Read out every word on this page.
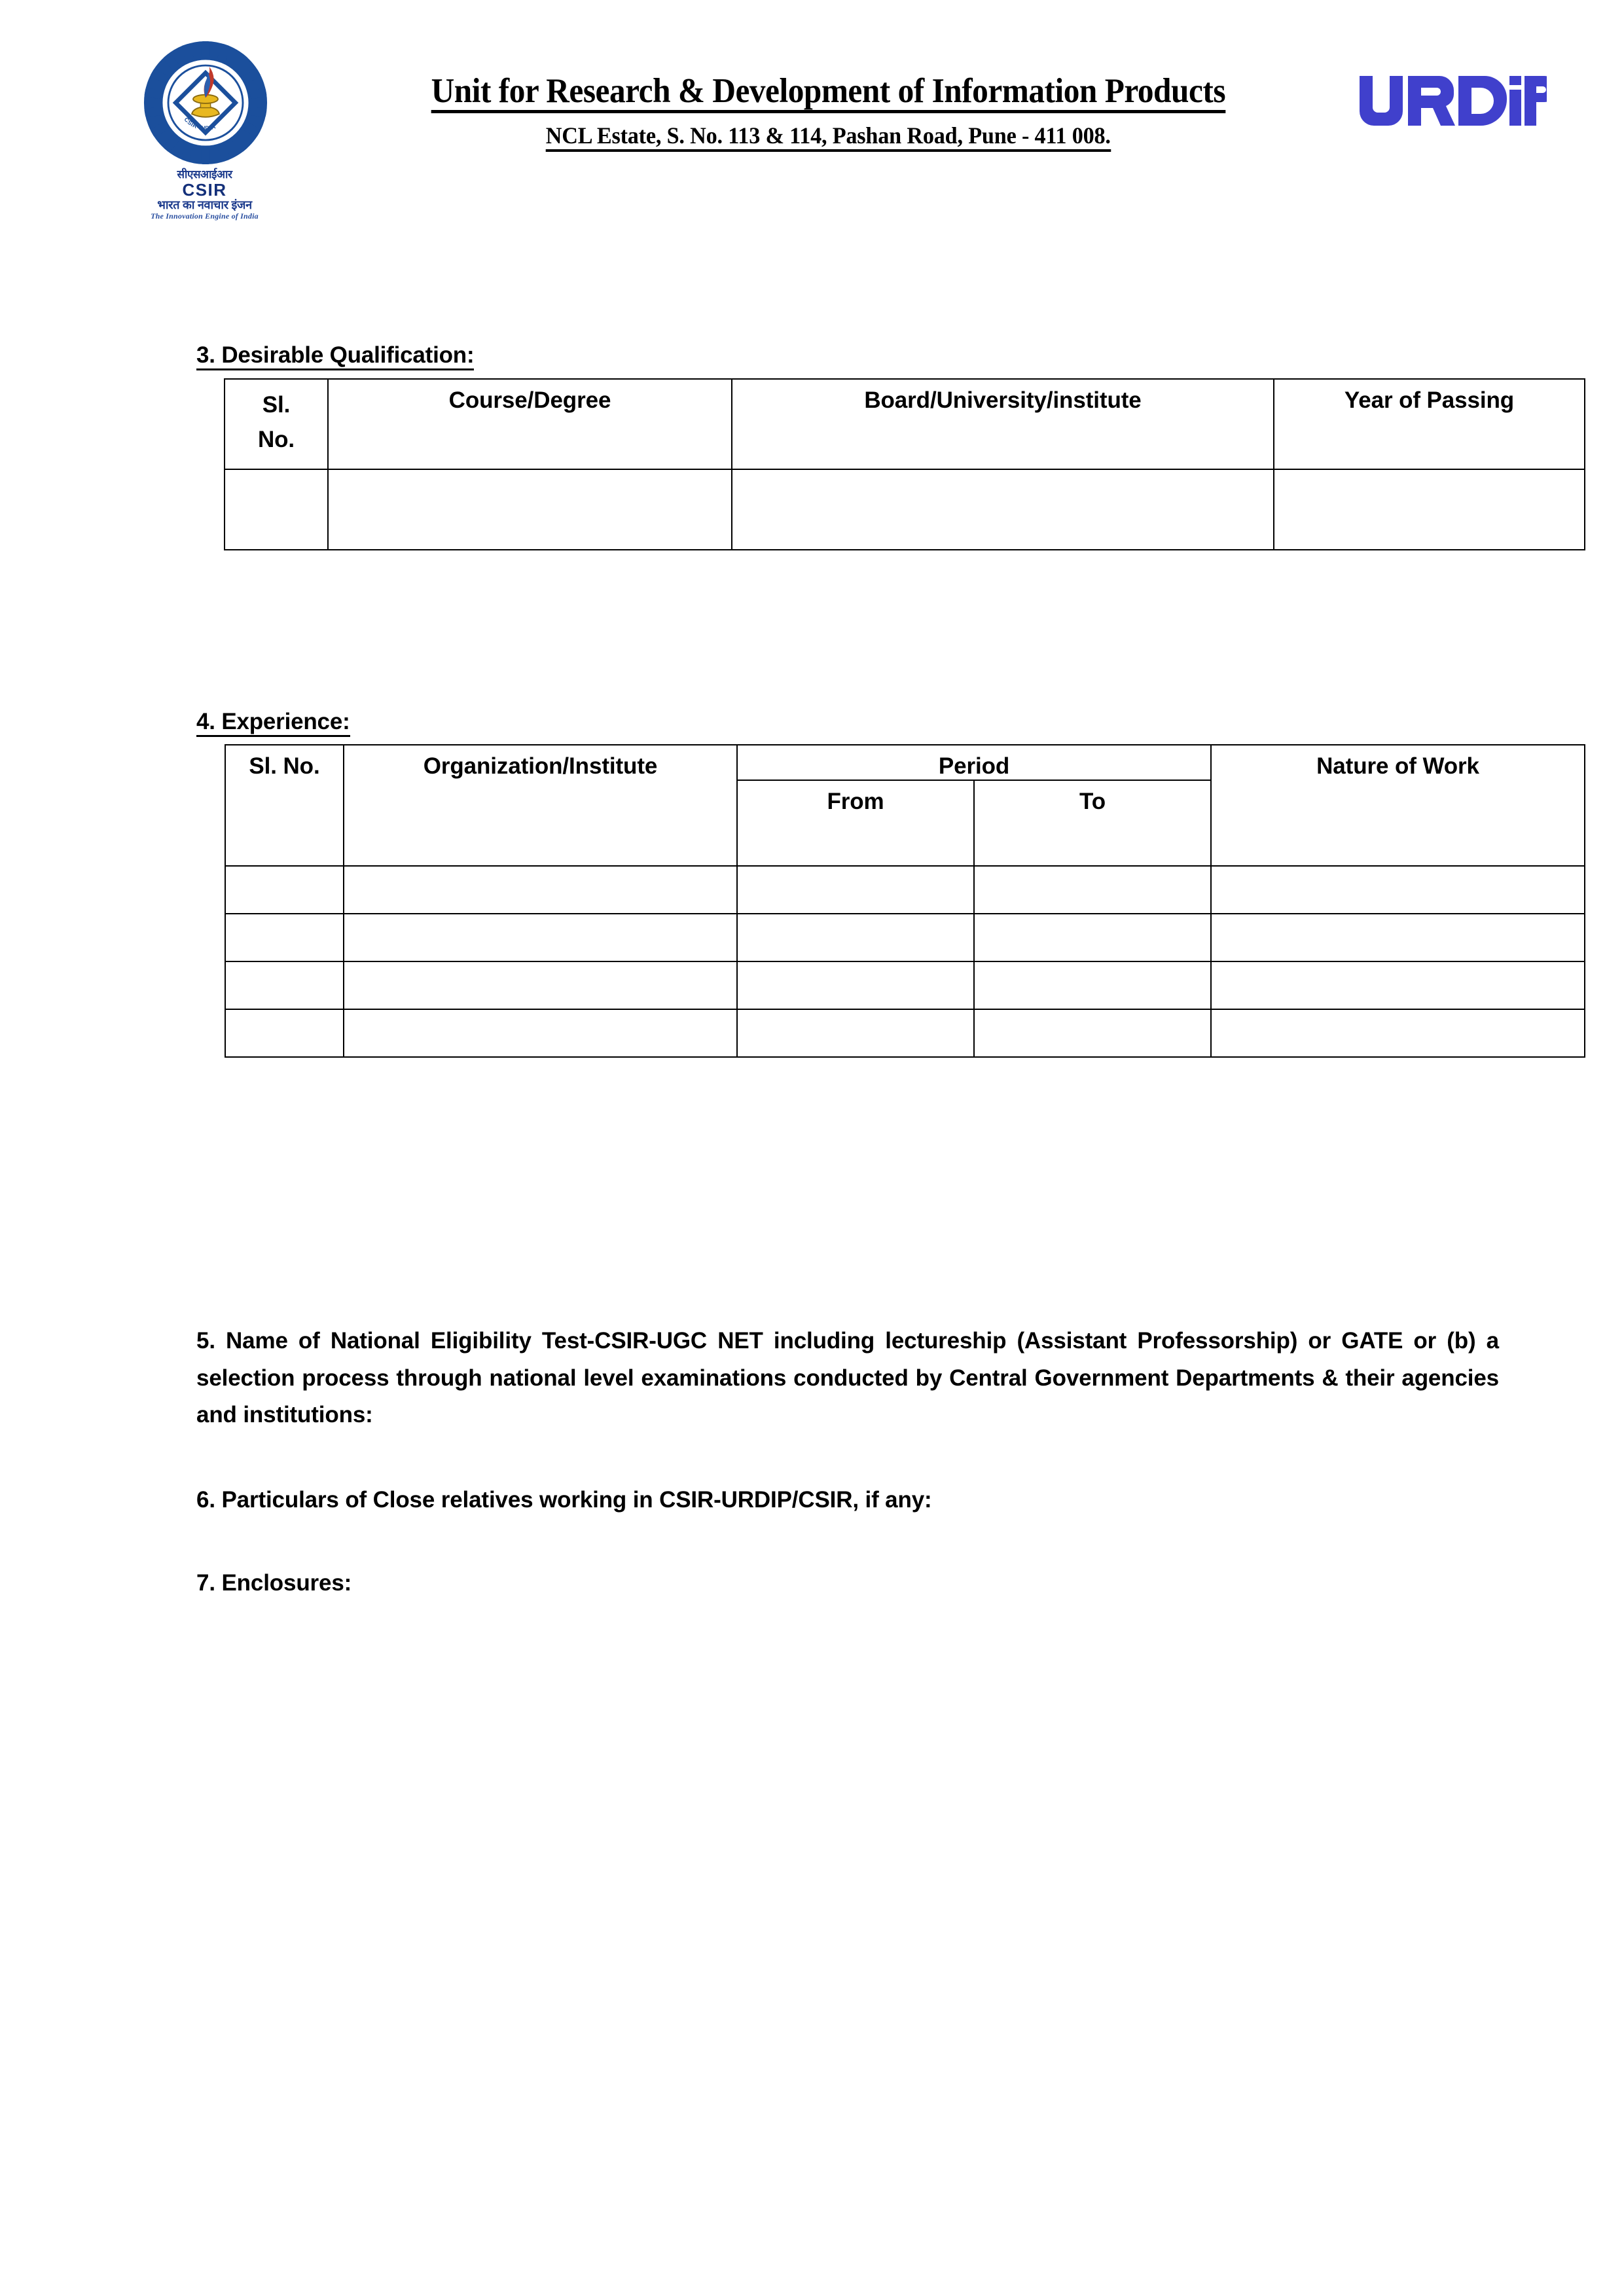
CSIR-INDIA
सीएसआईआर
CSIR
भारत का नवाचार इंजन
The Innovation Engine of India
Unit for Research & Development of Information Products
NCL Estate, S. No. 113 & 114, Pashan Road, Pune - 411 008.
3. Desirable Qualification:
Sl.
No.	Course/Degree	Board/University/institute	Year of Passing

4. Experience:
Sl. No.	Organization/Institute	Period		Nature of Work
		From	To	

5. Name of National Eligibility Test-CSIR-UGC NET including lectureship (Assistant Professorship) or GATE or (b) a selection process through national level examinations conducted by Central Government Departments & their agencies and institutions:
6. Particulars of Close relatives working in CSIR-URDIP/CSIR, if any:
7. Enclosures:
